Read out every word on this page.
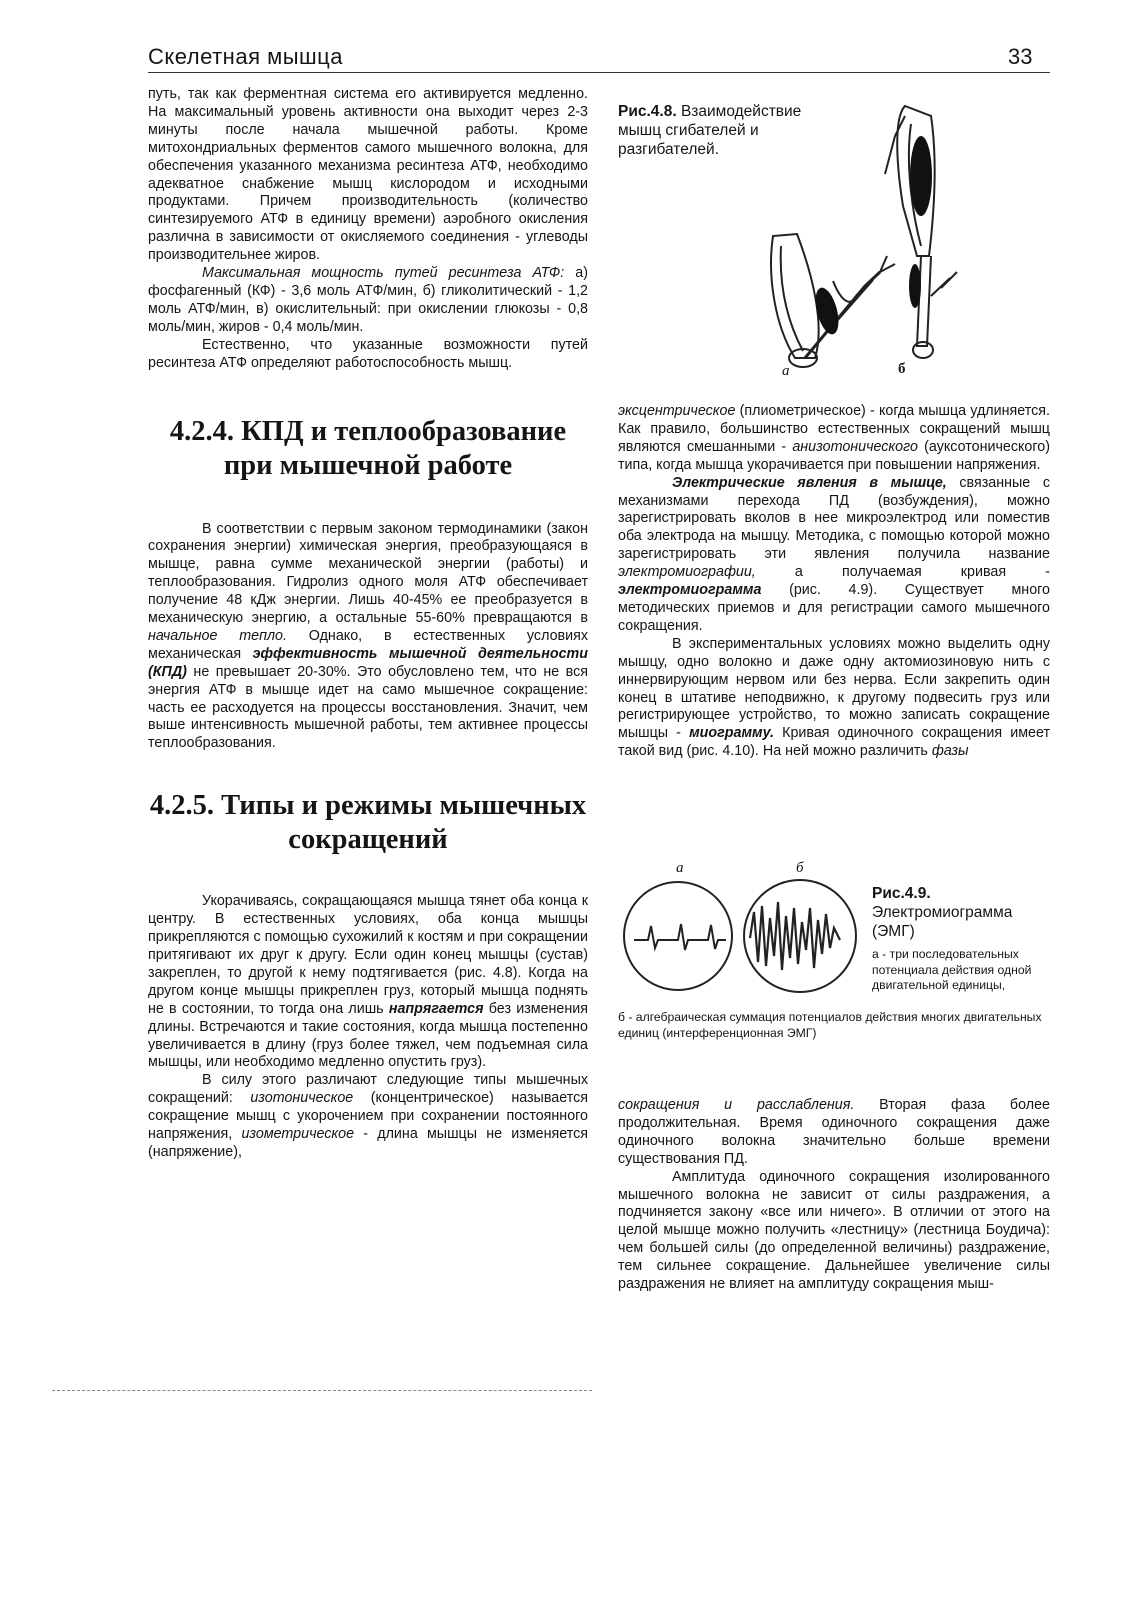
Скелетная мышца	33

путь, так как ферментная система его активируется медленно. На максимальный уровень активности она выходит через 2-3 минуты после начала мышечной работы. Кроме митохондриальных ферментов самого мышечного волокна, для обеспечения указанного механизма ресинтеза АТФ, необходимо адекватное снабжение мышц кислородом и исходными продуктами. Причем производительность (количество синтезируемого АТФ в единицу времени) аэробного окисления различна в зависимости от окисляемого соединения - углеводы производительнее жиров.

Максимальная мощность путей ресинтеза АТФ: а) фосфагенный (КФ) - 3,6 моль АТФ/мин, б) гликолитический - 1,2 моль АТФ/мин, в) окислительный: при окислении глюкозы - 0,8 моль/мин, жиров - 0,4 моль/мин.

Естественно, что указанные возможности путей ресинтеза АТФ определяют работоспособность мышц.

4.2.4. КПД и теплообразование
при мышечной работе

В соответствии с первым законом термодинамики (закон сохранения энергии) химическая энергия, преобразующаяся в мышце, равна сумме механической энергии (работы) и теплообразования. Гидролиз одного моля АТФ обеспечивает получение 48 кДж энергии. Лишь 40-45% ее преобразуется в механическую энергию, а остальные 55-60% превращаются в начальное тепло. Однако, в естественных условиях механическая эффективность мышечной деятельности (КПД) не превышает 20-30%. Это обусловлено тем, что не вся энергия АТФ в мышце идет на само мышечное сокращение: часть ее расходуется на процессы восстановления. Значит, чем выше интенсивность мышечной работы, тем активнее процессы теплообразования.

4.2.5. Типы и режимы мышечных
сокращений

Укорачиваясь, сокращающаяся мышца тянет оба конца к центру. В естественных условиях, оба конца мышцы прикрепляются с помощью сухожилий к костям и при сокращении притягивают их друг к другу. Если один конец мышцы (сустав) закреплен, то другой к нему подтягивается (рис. 4.8). Когда на другом конце мышцы прикреплен груз, который мышца поднять не в состоянии, то тогда она лишь напрягается без изменения длины. Встречаются и такие состояния, когда мышца постепенно увеличивается в длину (груз более тяжел, чем подъемная сила мышцы, или необходимо медленно опустить груз).

В силу этого различают следующие типы мышечных сокращений: изотоническое (концентрическое) называется сокращение мышц с укорочением при сохранении постоянного напряжения, изометрическое - длина мышцы не изменяется (напряжение),

Рис.4.8. Взаимодействие мышц сгибателей и разгибателей.

а	б

эксцентрическое (плиометрическое) - когда мышца удлиняется. Как правило, большинство естественных сокращений мышц являются смешанными - анизотонического (ауксотонического) типа, когда мышца укорачивается при повышении напряжения.

Электрические явления в мышце, связанные с механизмами перехода ПД (возбуждения), можно зарегистрировать вколов в нее микроэлектрод или поместив оба электрода на мышцу. Методика, с помощью которой можно зарегистрировать эти явления получила название электромиографии, а получаемая кривая - электромиограмма (рис. 4.9). Существует много методических приемов и для регистрации самого мышечного сокращения.

В экспериментальных условиях можно выделить одну мышцу, одно волокно и даже одну актомиозиновую нить с иннервирующим нервом или без нерва. Если закрепить один конец в штативе неподвижно, к другому подвесить груз или регистрирующее устройство, то можно записать сокращение мышцы - миограмму. Кривая одиночного сокращения имеет такой вид (рис. 4.10). На ней можно различить фазы

а	б

Рис.4.9. Электромиограмма (ЭМГ)

а - три последовательных потенциала действия одной двигательной единицы,

б - алгебраическая суммация потенциалов действия многих двигательных единиц (интерференционная ЭМГ)

сокращения и расслабления. Вторая фаза более продолжительная. Время одиночного сокращения даже одиночного волокна значительно больше времени существования ПД.

Амплитуда одиночного сокращения изолированного мышечного волокна не зависит от силы раздражения, а подчиняется закону «все или ничего». В отличии от этого на целой мышце можно получить «лестницу» (лестница Боудича): чем большей силы (до определенной величины) раздражение, тем сильнее сокращение. Дальнейшее увеличение силы раздражения не влияет на амплитуду сокращения мыш-
